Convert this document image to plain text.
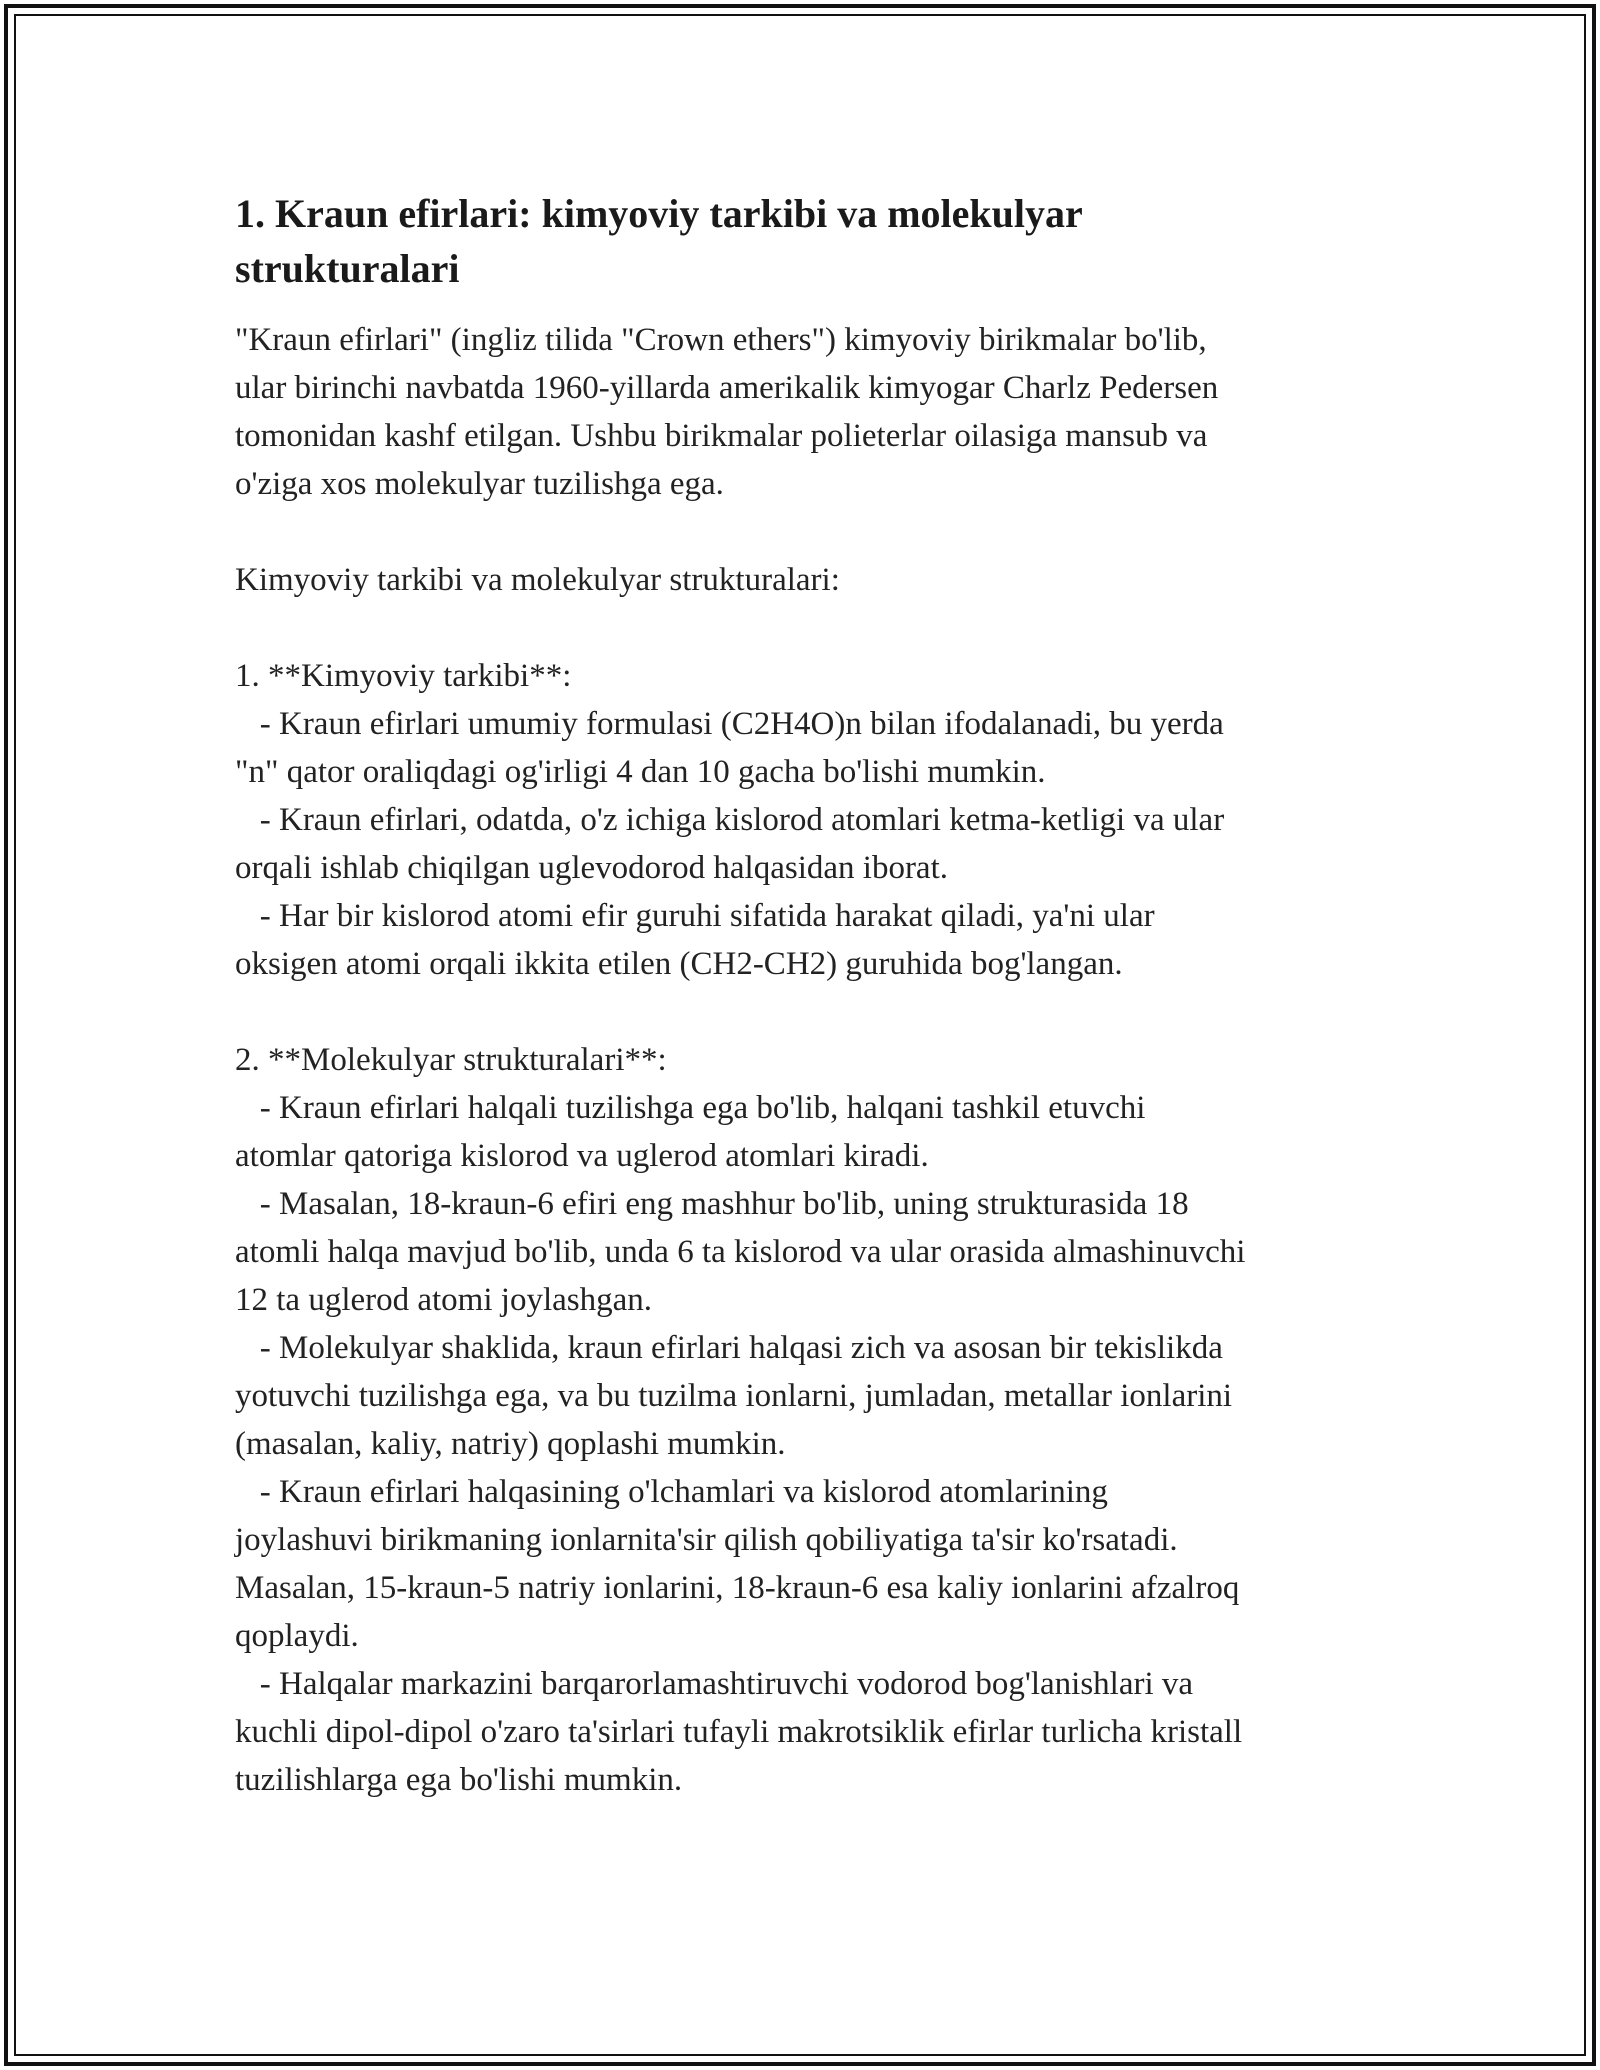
1. Kraun efirlari: kimyoviy tarkibi va molekulyar
strukturalari

"Kraun efirlari" (ingliz tilida "Crown ethers") kimyoviy birikmalar bo'lib,
ular birinchi navbatda 1960-yillarda amerikalik kimyogar Charlz Pedersen
tomonidan kashf etilgan. Ushbu birikmalar polieterlar oilasiga mansub va
o'ziga xos molekulyar tuzilishga ega.

Kimyoviy tarkibi va molekulyar strukturalari:

1. **Kimyoviy tarkibi**:
- Kraun efirlari umumiy formulasi (C2H4O)n bilan ifodalanadi, bu yerda
"n" qator oraliqdagi og'irligi 4 dan 10 gacha bo'lishi mumkin.
- Kraun efirlari, odatda, o'z ichiga kislorod atomlari ketma-ketligi va ular
orqali ishlab chiqilgan uglevodorod halqasidan iborat.
- Har bir kislorod atomi efir guruhi sifatida harakat qiladi, ya'ni ular
oksigen atomi orqali ikkita etilen (CH2-CH2) guruhida bog'langan.

2. **Molekulyar strukturalari**:
- Kraun efirlari halqali tuzilishga ega bo'lib, halqani tashkil etuvchi
atomlar qatoriga kislorod va uglerod atomlari kiradi.
- Masalan, 18-kraun-6 efiri eng mashhur bo'lib, uning strukturasida 18
atomli halqa mavjud bo'lib, unda 6 ta kislorod va ular orasida almashinuvchi
12 ta uglerod atomi joylashgan.
- Molekulyar shaklida, kraun efirlari halqasi zich va asosan bir tekislikda
yotuvchi tuzilishga ega, va bu tuzilma ionlarni, jumladan, metallar ionlarini
(masalan, kaliy, natriy) qoplashi mumkin.
- Kraun efirlari halqasining o'lchamlari va kislorod atomlarining
joylashuvi birikmaning ionlarnita'sir qilish qobiliyatiga ta'sir ko'rsatadi.
Masalan, 15-kraun-5 natriy ionlarini, 18-kraun-6 esa kaliy ionlarini afzalroq
qoplaydi.
- Halqalar markazini barqarorlamashtiruvchi vodorod bog'lanishlari va
kuchli dipol-dipol o'zaro ta'sirlari tufayli makrotsiklik efirlar turlicha kristall
tuzilishlarga ega bo'lishi mumkin.
